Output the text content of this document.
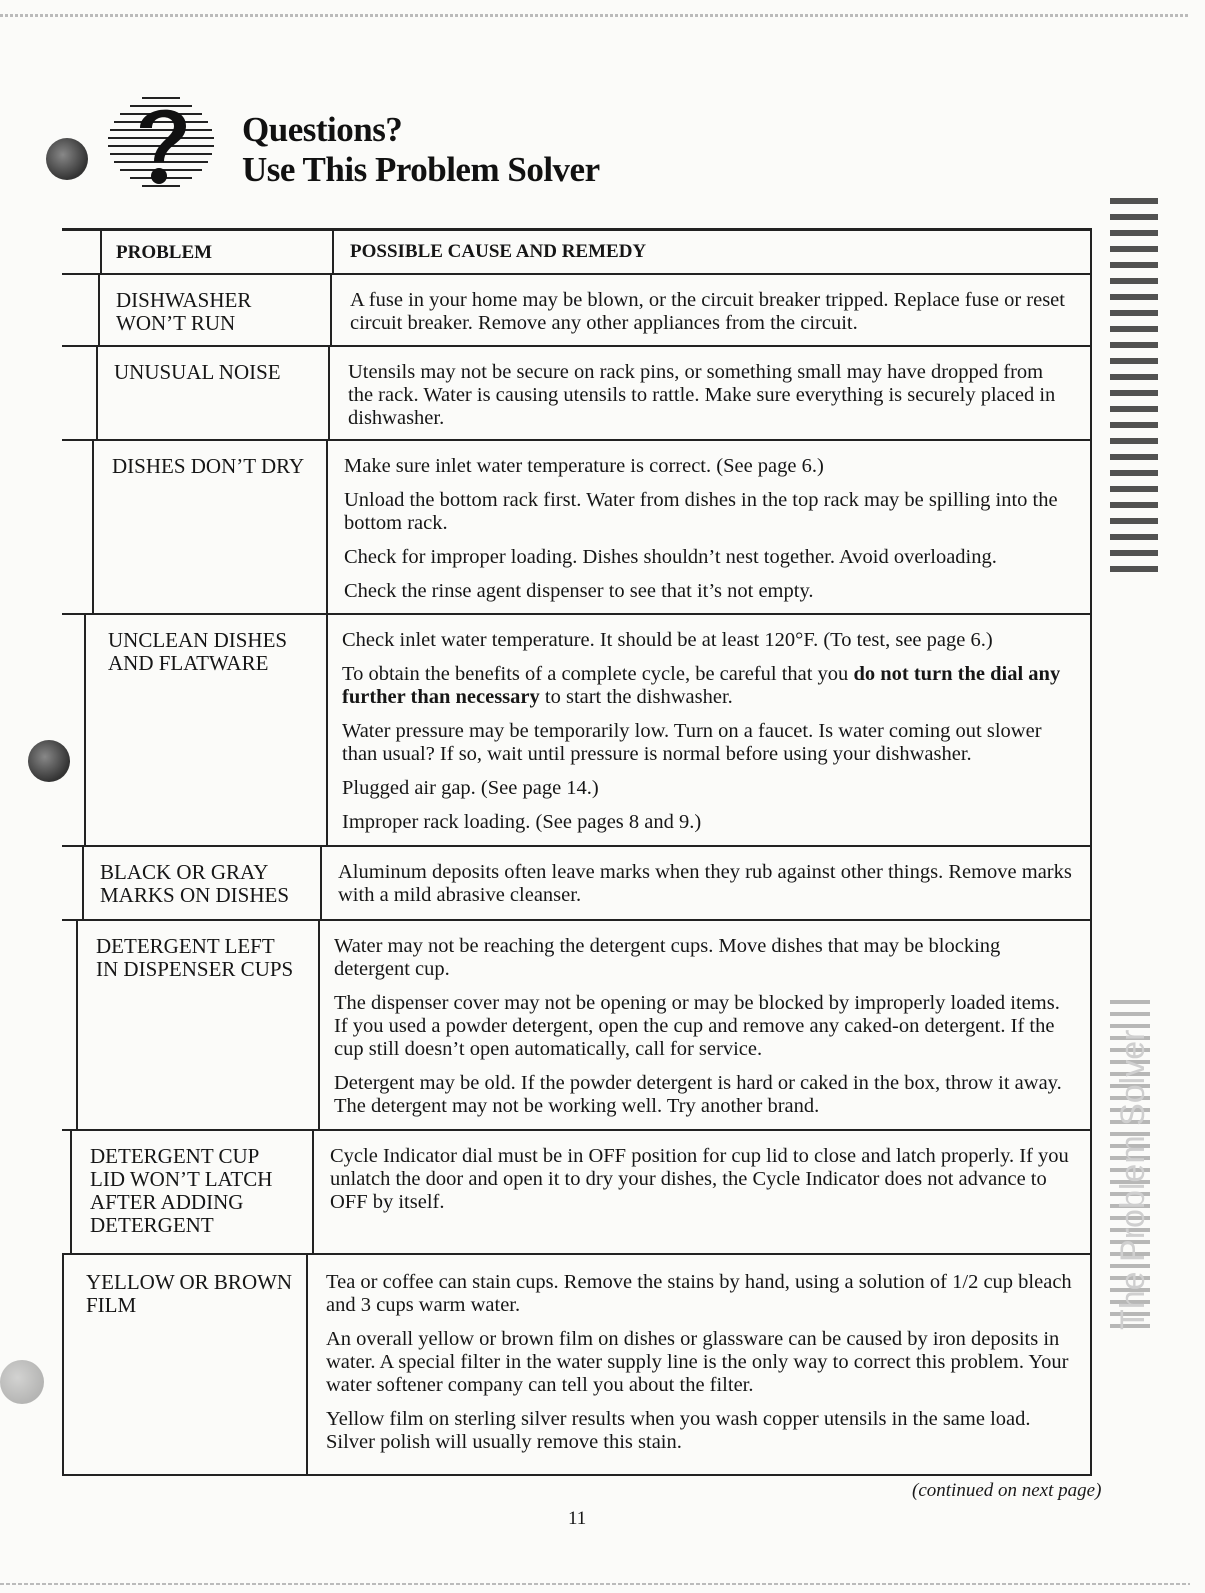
Questions?
Use This Problem Solver
The Problem Solver
PROBLEM	POSSIBLE CAUSE AND REMEDY
DISHWASHER
WON’T RUN

A fuse in your home may be blown, or the circuit breaker tripped. Replace fuse or reset circuit breaker. Remove any other appliances from the circuit.

UNUSUAL NOISE	Utensils may not be secure on rack pins, or something small may have dropped from the rack. Water is causing utensils to rattle. Make sure everything is securely placed in dishwasher.

DISHES DON’T DRY Make sure inlet water temperature is correct. (See page 6.)

Unload the bottom rack first. Water from dishes in the top rack may be spilling into the bottom rack.

Check for improper loading. Dishes shouldn’t nest together. Avoid overloading.

Check the rinse agent dispenser to see that it’s not empty.

UNCLEAN DISHES
AND FLATWARE

Check inlet water temperature. It should be at least 120°F. (To test, see page 6.)

To obtain the benefits of a complete cycle, be careful that you do not turn the dial any further than necessary to start the dishwasher.

Water pressure may be temporarily low. Turn on a faucet. Is water coming out slower than usual? If so, wait until pressure is normal before using your dishwasher.

Plugged air gap. (See page 14.)

Improper rack loading. (See pages 8 and 9.)

BLACK OR GRAY
MARKS ON DISHES

Aluminum deposits often leave marks when they rub against other things. Remove marks with a mild abrasive cleanser.

DETERGENT LEFT
IN DISPENSER CUPS

Water may not be reaching the detergent cups. Move dishes that may be blocking detergent cup.

The dispenser cover may not be opening or may be blocked by improperly loaded items. If you used a powder detergent, open the cup and remove any caked-on detergent. If the cup still doesn’t open automatically, call for service.

Detergent may be old. If the powder detergent is hard or caked in the box, throw it away. The detergent may not be working well. Try another brand.

DETERGENT CUP
LID WON’T LATCH
AFTER ADDING
DETERGENT

Cycle Indicator dial must be in OFF position for cup lid to close and latch properly. If you unlatch the door and open it to dry your dishes, the Cycle Indicator does not advance to OFF by itself.

YELLOW OR BROWN
FILM

Tea or coffee can stain cups. Remove the stains by hand, using a solution of 1/2 cup bleach and 3 cups warm water.

An overall yellow or brown film on dishes or glassware can be caused by iron deposits in water. A special filter in the water supply line is the only way to correct this problem. Your water softener company can tell you about the filter.

Yellow film on sterling silver results when you wash copper utensils in the same load. Silver polish will usually remove this stain.

(continued on next page)
11
